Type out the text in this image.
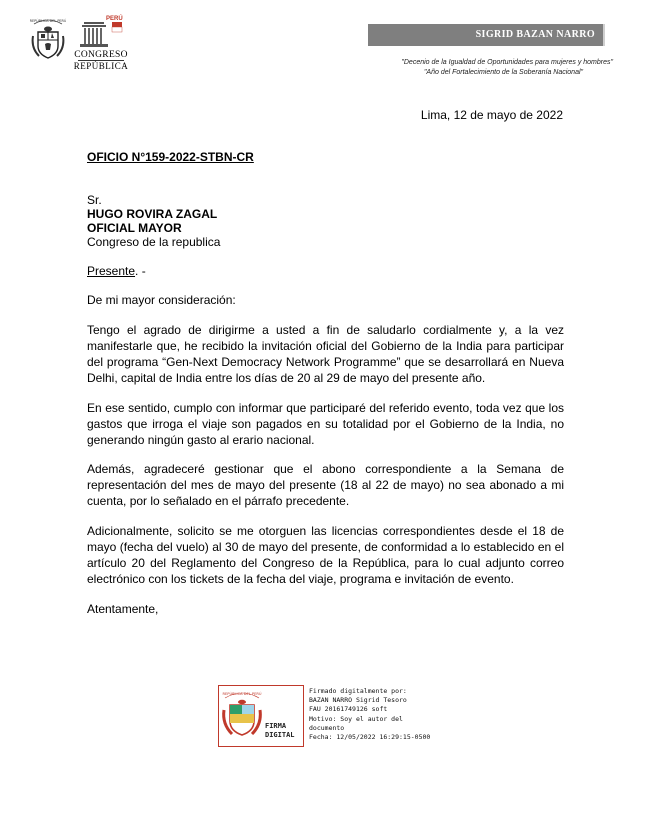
REPÚBLICA DEL PERÚ	PERÚ
CONGRESO
REPÚBLICA
SIGRID BAZAN NARRO
"Decenio de la Igualdad de Oportunidades para mujeres y hombres"
"Año del Fortalecimiento de la Soberanía Nacional"
Lima, 12 de mayo de 2022
OFICIO N°159-2022-STBN-CR
Sr.
HUGO ROVIRA ZAGAL
OFICIAL MAYOR
Congreso de la republica
Presente. -
De mi mayor consideración:
Tengo el agrado de dirigirme a usted a fin de saludarlo cordialmente y, a la vez manifestarle que, he recibido la invitación oficial del Gobierno de la India para participar del programa “Gen-Next Democracy Network Programme” que se desarrollará en Nueva Delhi, capital de India entre los días de 20 al 29 de mayo del presente año.
En ese sentido, cumplo con informar que participaré del referido evento, toda vez que los gastos que irroga el viaje son pagados en su totalidad por el Gobierno de la India, no generando ningún gasto al erario nacional.
Además, agradeceré gestionar que el abono correspondiente a la Semana de representación del mes de mayo del presente (18 al 22 de mayo) no sea abonado a mi cuenta, por lo señalado en el párrafo precedente.
Adicionalmente, solicito se me otorguen las licencias correspondientes desde el 18 de mayo (fecha del vuelo) al 30 de mayo del presente, de conformidad a lo establecido en el artículo 20 del Reglamento del Congreso de la República, para lo cual adjunto correo electrónico con los tickets de la fecha del viaje, programa e invitación de evento.
Atentamente,
REPÚBLICA DEL PERÚ
FIRMA
DIGITAL
Firmado digitalmente por:
BAZAN NARRO Sigrid Tesoro
FAU 20161749126 soft
Motivo: Soy el autor del
documento
Fecha: 12/05/2022 16:29:15-0500
